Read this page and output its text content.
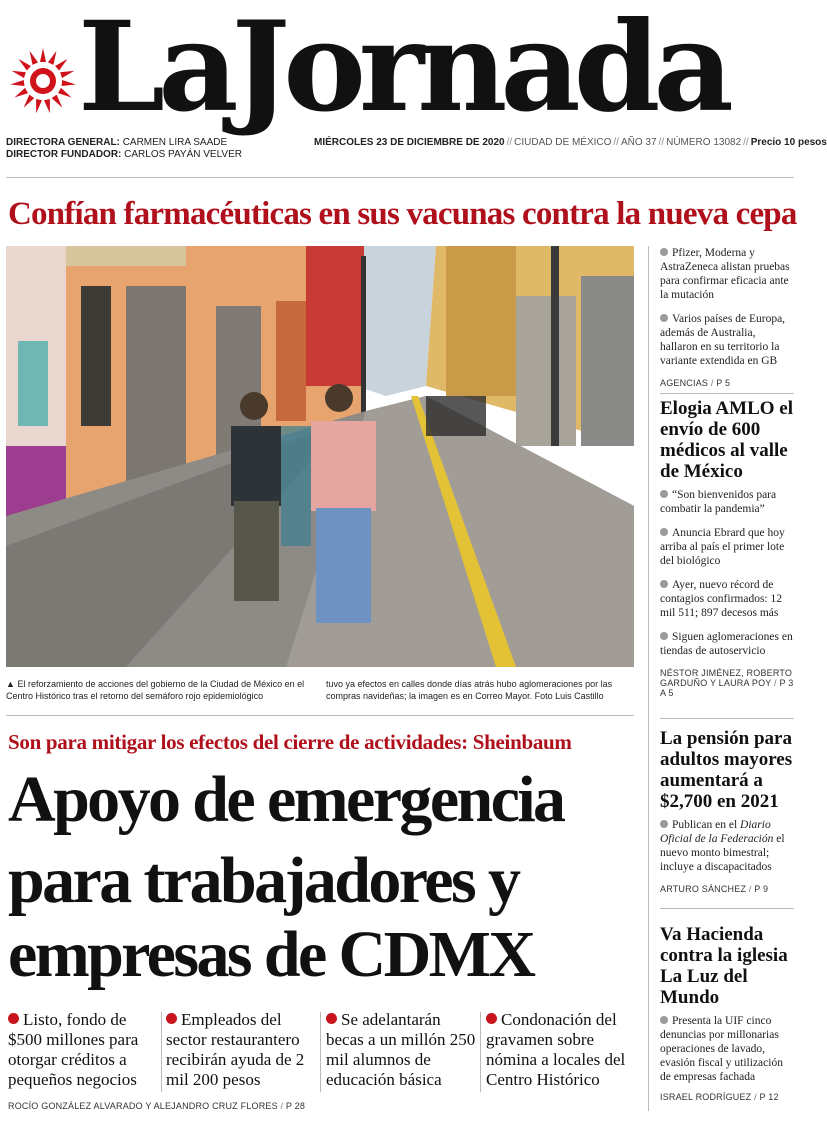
LaJornada
DIRECTORA GENERAL: CARMEN LIRA SAADE
DIRECTOR FUNDADOR: CARLOS PAYÁN VELVER
MIÉRCOLES 23 DE DICIEMBRE DE 2020 // CIUDAD DE MÉXICO // AÑO 37 // NÚMERO 13082 // Precio 10 pesos
Confían farmacéuticas en sus vacunas contra la nueva cepa
▲ El reforzamiento de acciones del gobierno de la Ciudad de México en el Centro Histórico tras el retorno del semáforo rojo epidemiológico
tuvo ya efectos en calles donde días atrás hubo aglomeraciones por las compras navideñas; la imagen es en Correo Mayor. Foto Luis Castillo
Pfizer, Moderna y AstraZeneca alistan pruebas para confirmar eficacia ante la mutación
Varios países de Europa, además de Australia, hallaron en su territorio la variante extendida en GB
AGENCIAS / P 5
Elogia AMLO el envío de 600 médicos al valle de México
“Son bienvenidos para combatir la pandemia”
Anuncia Ebrard que hoy arriba al país el primer lote del biológico
Ayer, nuevo récord de contagios confirmados: 12 mil 511; 897 decesos más
Siguen aglomeraciones en tiendas de autoservicio
NÉSTOR JIMÉNEZ, ROBERTO GARDUÑO Y LAURA POY / P 3 A 5
La pensión para adultos mayores aumentará a $2,700 en 2021
Publican en el Diario Oficial de la Federación el nuevo monto bimestral; incluye a discapacitados
ARTURO SÁNCHEZ / P 9
Va Hacienda contra la iglesia La Luz del Mundo
Presenta la UIF cinco denuncias por millonarias operaciones de lavado, evasión fiscal y utilización de empresas fachada
ISRAEL RODRÍGUEZ / P 12
Son para mitigar los efectos del cierre de actividades: Sheinbaum
Apoyo de emergencia
para trabajadores y
empresas de CDMX
Listo, fondo de $500 millones para otorgar créditos a pequeños negocios
Empleados del sector restaurantero recibirán ayuda de 2 mil 200 pesos
Se adelantarán becas a un millón 250 mil alumnos de educación básica
Condonación del gravamen sobre nómina a locales del Centro Histórico
ROCÍO GONZÁLEZ ALVARADO Y ALEJANDRO CRUZ FLORES / P 28
